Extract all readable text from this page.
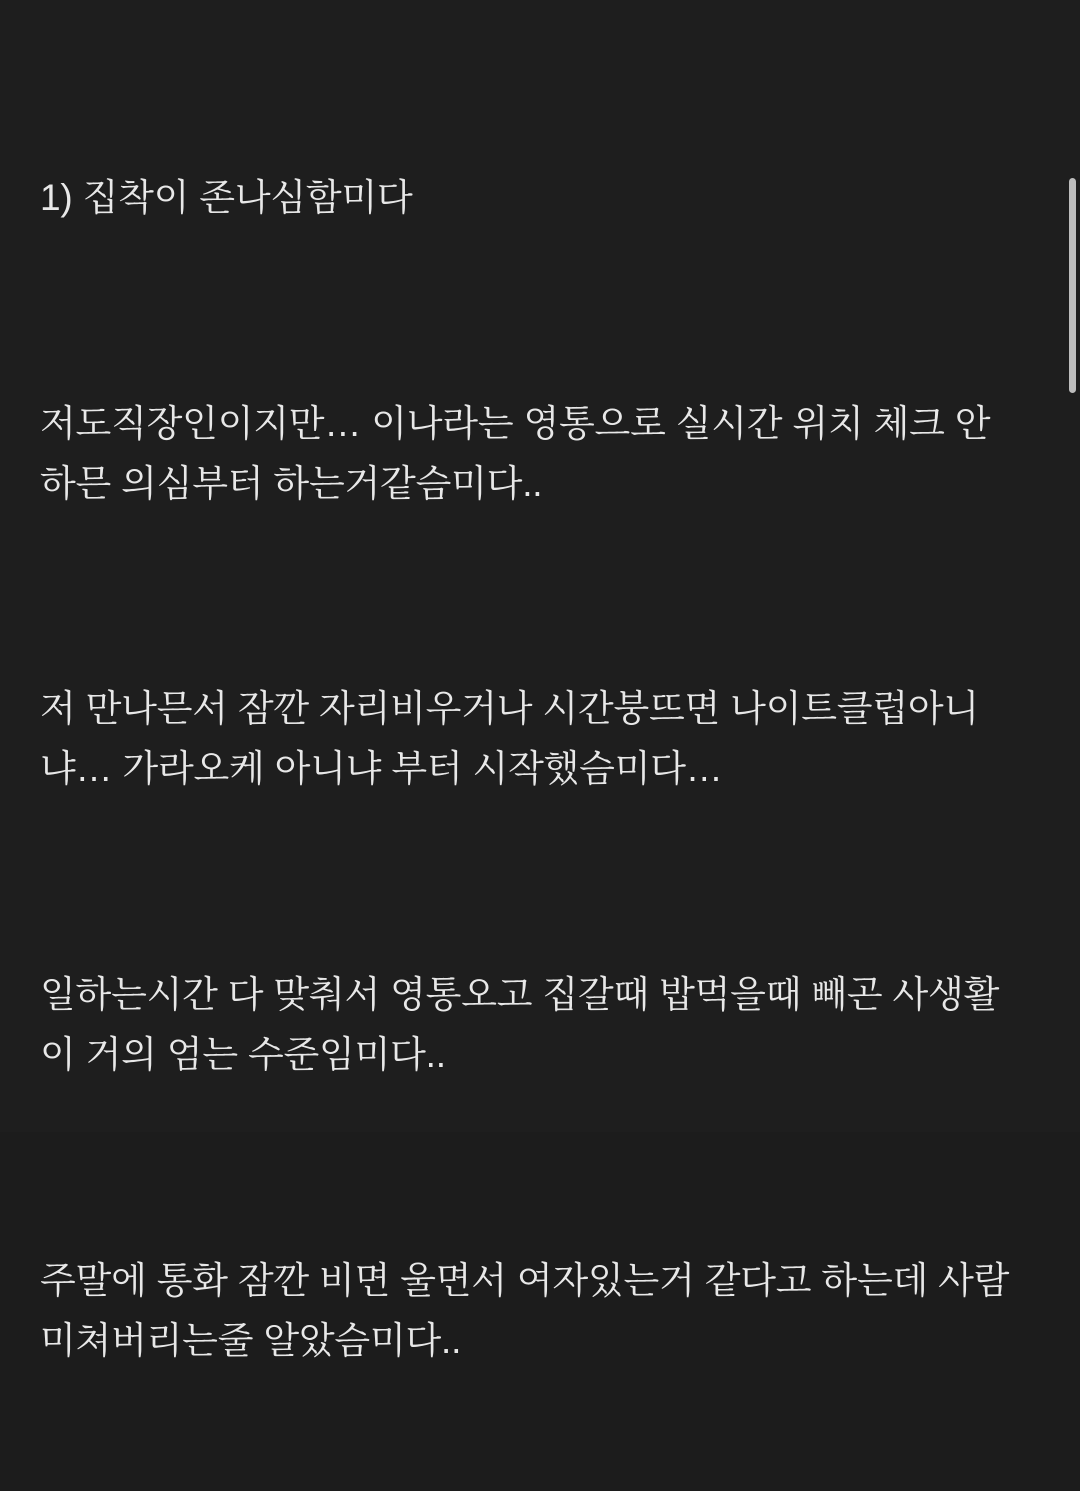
1) 집착이 존나심함미다

저도직장인이지만… 이나라는 영통으로 실시간 위치 체크 안하믄 의심부터 하는거같슴미다..

저 만나믄서 잠깐 자리비우거나 시간붕뜨면 나이트클럽아니냐… 가라오케 아니냐 부터 시작했슴미다…

일하는시간 다 맞춰서 영통오고 집갈때 밥먹을때 빼곤 사생활이 거의 엄는 수준임미다..

주말에 통화 잠깐 비면 울면서 여자있는거 같다고 하는데 사람 미쳐버리는줄 알았슴미다..
